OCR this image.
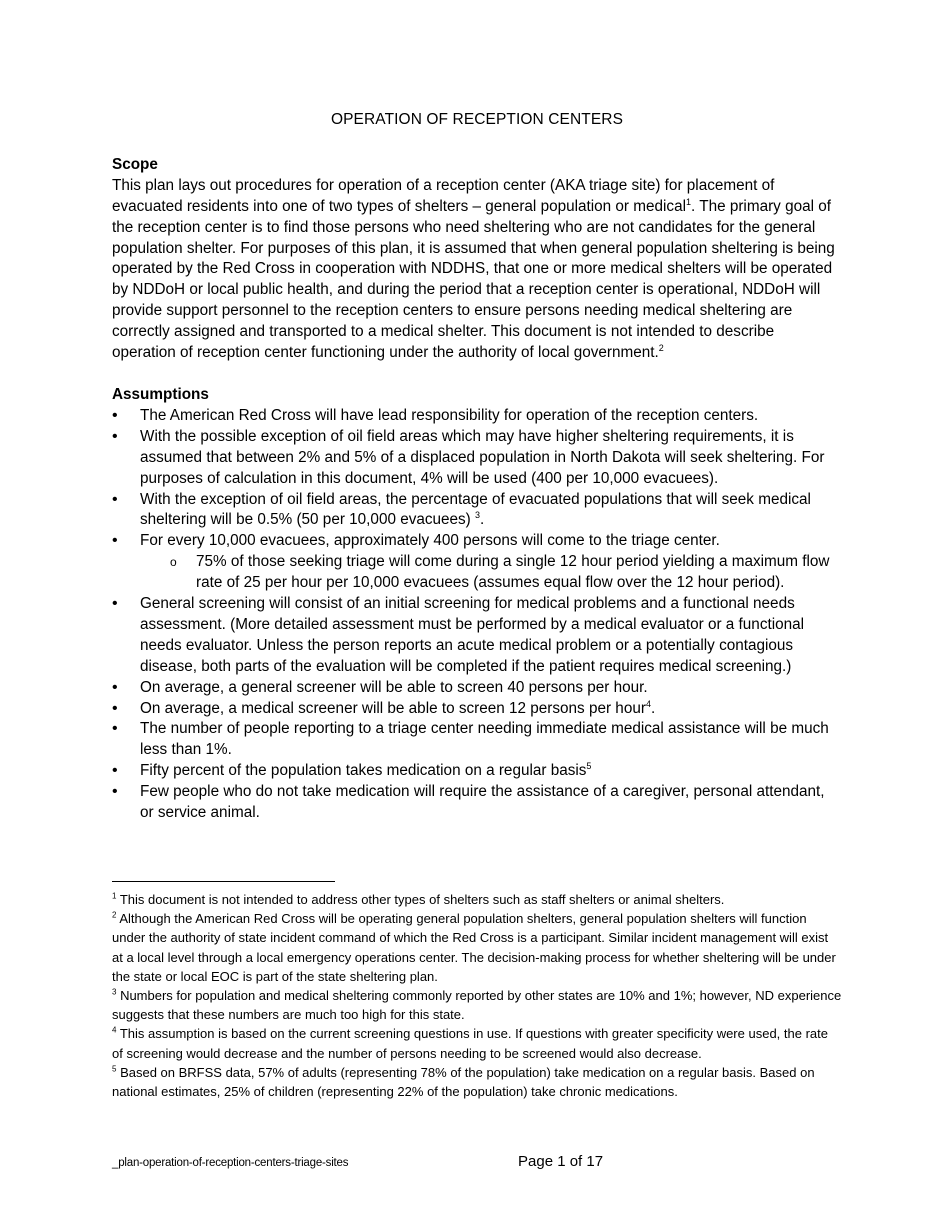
OPERATION OF RECEPTION CENTERS

Scope

This plan lays out procedures for operation of a reception center (AKA triage site) for placement of evacuated residents into one of two types of shelters – general population or medical$^1$. The primary goal of the reception center is to find those persons who need sheltering who are not candidates for the general population shelter. For purposes of this plan, it is assumed that when general population sheltering is being operated by the Red Cross in cooperation with NDDHS, that one or more medical shelters will be operated by NDDoH or local public health, and during the period that a reception center is operational, NDDoH will provide support personnel to the reception centers to ensure persons needing medical sheltering are correctly assigned and transported to a medical shelter. This document is not intended to describe operation of reception center functioning under the authority of local government.$^2$

Assumptions

• The American Red Cross will have lead responsibility for operation of the reception centers.
• With the possible exception of oil field areas which may have higher sheltering requirements, it is assumed that between 2% and 5% of a displaced population in North Dakota will seek sheltering. For purposes of calculation in this document, 4% will be used (400 per 10,000 evacuees).
• With the exception of oil field areas, the percentage of evacuated populations that will seek medical sheltering will be 0.5% (50 per 10,000 evacuees) $^3$.
• For every 10,000 evacuees, approximately 400 persons will come to the triage center.
o 75% of those seeking triage will come during a single 12 hour period yielding a maximum flow rate of 25 per hour per 10,000 evacuees (assumes equal flow over the 12 hour period).
• General screening will consist of an initial screening for medical problems and a functional needs assessment. (More detailed assessment must be performed by a medical evaluator or a functional needs evaluator. Unless the person reports an acute medical problem or a potentially contagious disease, both parts of the evaluation will be completed if the patient requires medical screening.)
• On average, a general screener will be able to screen 40 persons per hour.
• On average, a medical screener will be able to screen 12 persons per hour$^4$.
• The number of people reporting to a triage center needing immediate medical assistance will be much less than 1%.
• Fifty percent of the population takes medication on a regular basis$^5$
• Few people who do not take medication will require the assistance of a caregiver, personal attendant, or service animal.

$^1$ This document is not intended to address other types of shelters such as staff shelters or animal shelters.

$^2$ Although the American Red Cross will be operating general population shelters, general population shelters will function under the authority of state incident command of which the Red Cross is a participant. Similar incident management will exist at a local level through a local emergency operations center. The decision-making process for whether sheltering will be under the state or local EOC is part of the state sheltering plan.

$^3$ Numbers for population and medical sheltering commonly reported by other states are 10% and 1%; however, ND experience suggests that these numbers are much too high for this state.

$^4$ This assumption is based on the current screening questions in use. If questions with greater specificity were used, the rate of screening would decrease and the number of persons needing to be screened would also decrease.

$^5$ Based on BRFSS data, 57% of adults (representing 78% of the population) take medication on a regular basis. Based on national estimates, 25% of children (representing 22% of the population) take chronic medications.

_plan-operation-of-reception-centers-triage-sites	Page 1 of 17
